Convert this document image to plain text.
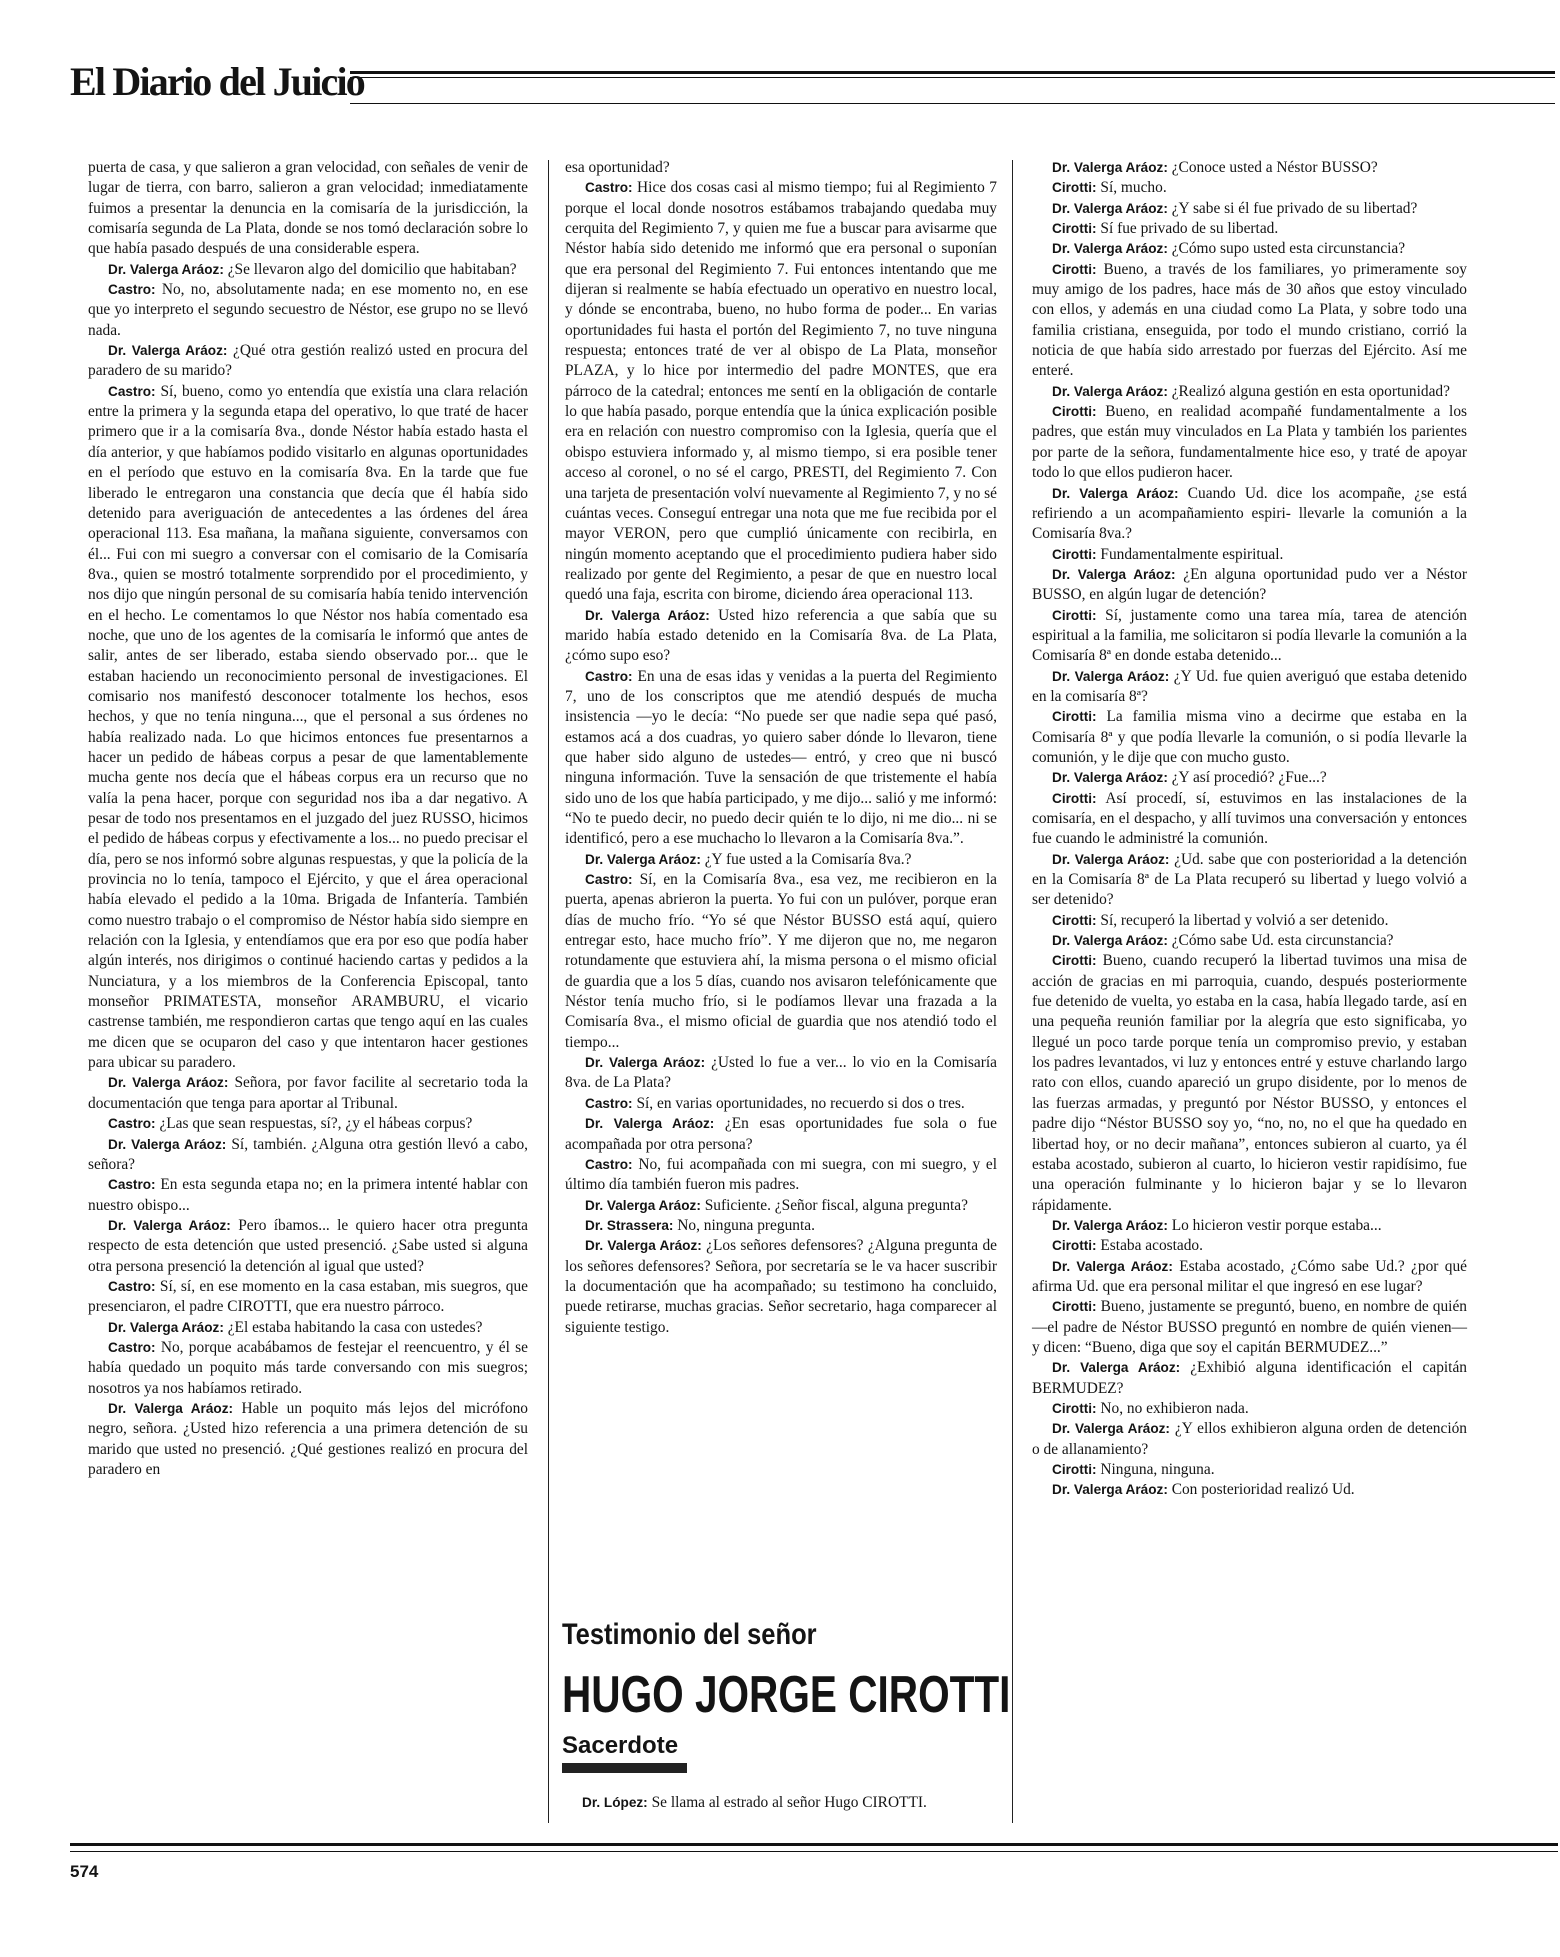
El Diario del Juicio

puerta de casa, y que salieron a gran velocidad, con señales de venir de lugar de tierra, con barro, salieron a gran velocidad; inmediatamente fuimos a presentar la denuncia en la comisaría de la jurisdicción, la comisaría segunda de La Plata, donde se nos tomó declaración sobre lo que había pasado después de una considerable espera.

Dr. Valerga Aráoz: ¿Se llevaron algo del domicilio que habitaban?

Castro: No, no, absolutamente nada; en ese momento no, en ese que yo interpreto el segundo secuestro de Néstor, ese grupo no se llevó nada.

Dr. Valerga Aráoz: ¿Qué otra gestión realizó usted en procura del paradero de su marido?

Castro: Sí, bueno, como yo entendía que existía una clara relación entre la primera y la segunda etapa del operativo, lo que traté de hacer primero que ir a la comisaría 8va., donde Néstor había estado hasta el día anterior, y que habíamos podido visitarlo en algunas oportunidades en el período que estuvo en la comisaría 8va. En la tarde que fue liberado le entregaron una constancia que decía que él había sido detenido para averiguación de antecedentes a las órdenes del área operacional 113. Esa mañana, la mañana siguiente, conversamos con él... Fui con mi suegro a conversar con el comisario de la Comisaría 8va., quien se mostró totalmente sorprendido por el procedimiento, y nos dijo que ningún personal de su comisaría había tenido intervención en el hecho. Le comentamos lo que Néstor nos había comentado esa noche, que uno de los agentes de la comisaría le informó que antes de salir, antes de ser liberado, estaba siendo observado por... que le estaban haciendo un reconocimiento personal de investigaciones. El comisario nos manifestó desconocer totalmente los hechos, esos hechos, y que no tenía ninguna..., que el personal a sus órdenes no había realizado nada. Lo que hicimos entonces fue presentarnos a hacer un pedido de hábeas corpus a pesar de que lamentablemente mucha gente nos decía que el hábeas corpus era un recurso que no valía la pena hacer, porque con seguridad nos iba a dar negativo. A pesar de todo nos presentamos en el juzgado del juez RUSSO, hicimos el pedido de hábeas corpus y efectivamente a los... no puedo precisar el día, pero se nos informó sobre algunas respuestas, y que la policía de la provincia no lo tenía, tampoco el Ejército, y que el área operacional había elevado el pedido a la 10ma. Brigada de Infantería. También como nuestro trabajo o el compromiso de Néstor había sido siempre en relación con la Iglesia, y entendíamos que era por eso que podía haber algún interés, nos dirigimos o continué haciendo cartas y pedidos a la Nunciatura, y a los miembros de la Conferencia Episcopal, tanto monseñor PRIMATESTA, monseñor ARAMBURU, el vicario castrense también, me respondieron cartas que tengo aquí en las cuales me dicen que se ocuparon del caso y que intentaron hacer gestiones para ubicar su paradero.

Dr. Valerga Aráoz: Señora, por favor facilite al secretario toda la documentación que tenga para aportar al Tribunal.

Castro: ¿Las que sean respuestas, sí?, ¿y el hábeas corpus?

Dr. Valerga Aráoz: Sí, también. ¿Alguna otra gestión llevó a cabo, señora?

Castro: En esta segunda etapa no; en la primera intenté hablar con nuestro obispo...

Dr. Valerga Aráoz: Pero íbamos... le quiero hacer otra pregunta respecto de esta detención que usted presenció. ¿Sabe usted si alguna otra persona presenció la detención al igual que usted?

Castro: Sí, sí, en ese momento en la casa estaban, mis suegros, que presenciaron, el padre CIROTTI, que era nuestro párroco.

Dr. Valerga Aráoz: ¿El estaba habitando la casa con ustedes?

Castro: No, porque acabábamos de festejar el reencuentro, y él se había quedado un poquito más tarde conversando con mis suegros; nosotros ya nos habíamos retirado.

Dr. Valerga Aráoz: Hable un poquito más lejos del micrófono negro, señora. ¿Usted hizo referencia a una primera detención de su marido que usted no presenció. ¿Qué gestiones realizó en procura del paradero en

esa oportunidad?

Castro: Hice dos cosas casi al mismo tiempo; fui al Regimiento 7 porque el local donde nosotros estábamos trabajando quedaba muy cerquita del Regimiento 7, y quien me fue a buscar para avisarme que Néstor había sido detenido me informó que era personal o suponían que era personal del Regimiento 7. Fui entonces intentando que me dijeran si realmente se había efectuado un operativo en nuestro local, y dónde se encontraba, bueno, no hubo forma de poder... En varias oportunidades fui hasta el portón del Regimiento 7, no tuve ninguna respuesta; entonces traté de ver al obispo de La Plata, monseñor PLAZA, y lo hice por intermedio del padre MONTES, que era párroco de la catedral; entonces me sentí en la obligación de contarle lo que había pasado, porque entendía que la única explicación posible era en relación con nuestro compromiso con la Iglesia, quería que el obispo estuviera informado y, al mismo tiempo, si era posible tener acceso al coronel, o no sé el cargo, PRESTI, del Regimiento 7. Con una tarjeta de presentación volví nuevamente al Regimiento 7, y no sé cuántas veces. Conseguí entregar una nota que me fue recibida por el mayor VERON, pero que cumplió únicamente con recibirla, en ningún momento aceptando que el procedimiento pudiera haber sido realizado por gente del Regimiento, a pesar de que en nuestro local quedó una faja, escrita con birome, diciendo área operacional 113.

Dr. Valerga Aráoz: Usted hizo referencia a que sabía que su marido había estado detenido en la Comisaría 8va. de La Plata, ¿cómo supo eso?

Castro: En una de esas idas y venidas a la puerta del Regimiento 7, uno de los conscriptos que me atendió después de mucha insistencia —yo le decía: “No puede ser que nadie sepa qué pasó, estamos acá a dos cuadras, yo quiero saber dónde lo llevaron, tiene que haber sido alguno de ustedes— entró, y creo que ni buscó ninguna información. Tuve la sensación de que tristemente el había sido uno de los que había participado, y me dijo... salió y me informó: “No te puedo decir, no puedo decir quién te lo dijo, ni me dio... ni se identificó, pero a ese muchacho lo llevaron a la Comisaría 8va.”.

Dr. Valerga Aráoz: ¿Y fue usted a la Comisaría 8va.?

Castro: Sí, en la Comisaría 8va., esa vez, me recibieron en la puerta, apenas abrieron la puerta. Yo fui con un pulóver, porque eran días de mucho frío. “Yo sé que Néstor BUSSO está aquí, quiero entregar esto, hace mucho frío”. Y me dijeron que no, me negaron rotundamente que estuviera ahí, la misma persona o el mismo oficial de guardia que a los 5 días, cuando nos avisaron telefónicamente que Néstor tenía mucho frío, si le podíamos llevar una frazada a la Comisaría 8va., el mismo oficial de guardia que nos atendió todo el tiempo...

Dr. Valerga Aráoz: ¿Usted lo fue a ver... lo vio en la Comisaría 8va. de La Plata?

Castro: Sí, en varias oportunidades, no recuerdo si dos o tres.

Dr. Valerga Aráoz: ¿En esas oportunidades fue sola o fue acompañada por otra persona?

Castro: No, fui acompañada con mi suegra, con mi suegro, y el último día también fueron mis padres.

Dr. Valerga Aráoz: Suficiente. ¿Señor fiscal, alguna pregunta?

Dr. Strassera: No, ninguna pregunta.

Dr. Valerga Aráoz: ¿Los señores defensores? ¿Alguna pregunta de los señores defensores? Señora, por secretaría se le va hacer suscribir la documentación que ha acompañado; su testimono ha concluido, puede retirarse, muchas gracias. Señor secretario, haga comparecer al siguiente testigo.

Dr. Valerga Aráoz: ¿Conoce usted a Néstor BUSSO?

Cirotti: Sí, mucho.

Dr. Valerga Aráoz: ¿Y sabe si él fue privado de su libertad?

Cirotti: Sí fue privado de su libertad.

Dr. Valerga Aráoz: ¿Cómo supo usted esta circunstancia?

Cirotti: Bueno, a través de los familiares, yo primeramente soy muy amigo de los padres, hace más de 30 años que estoy vinculado con ellos, y además en una ciudad como La Plata, y sobre todo una familia cristiana, enseguida, por todo el mundo cristiano, corrió la noticia de que había sido arrestado por fuerzas del Ejército. Así me enteré.

Dr. Valerga Aráoz: ¿Realizó alguna gestión en esta oportunidad?

Cirotti: Bueno, en realidad acompañé fundamentalmente a los padres, que están muy vinculados en La Plata y también los parientes por parte de la señora, fundamentalmente hice eso, y traté de apoyar todo lo que ellos pudieron hacer.

Dr. Valerga Aráoz: Cuando Ud. dice los acompañe, ¿se está refiriendo a un acompañamiento espiri- llevarle la comunión a la Comisaría 8va.?

Cirotti: Fundamentalmente espiritual.

Dr. Valerga Aráoz: ¿En alguna oportunidad pudo ver a Néstor BUSSO, en algún lugar de detención?

Cirotti: Sí, justamente como una tarea mía, tarea de atención espiritual a la familia, me solicitaron si podía llevarle la comunión a la Comisaría 8ª en donde estaba detenido...

Dr. Valerga Aráoz: ¿Y Ud. fue quien averiguó que estaba detenido en la comisaría 8ª?

Cirotti: La familia misma vino a decirme que estaba en la Comisaría 8ª y que podía llevarle la comunión, o si podía llevarle la comunión, y le dije que con mucho gusto.

Dr. Valerga Aráoz: ¿Y así procedió? ¿Fue...?

Cirotti: Así procedí, sí, estuvimos en las instalaciones de la comisaría, en el despacho, y allí tuvimos una conversación y entonces fue cuando le administré la comunión.

Dr. Valerga Aráoz: ¿Ud. sabe que con posterioridad a la detención en la Comisaría 8ª de La Plata recuperó su libertad y luego volvió a ser detenido?

Cirotti: Sí, recuperó la libertad y volvió a ser detenido.

Dr. Valerga Aráoz: ¿Cómo sabe Ud. esta circunstancia?

Cirotti: Bueno, cuando recuperó la libertad tuvimos una misa de acción de gracias en mi parroquia, cuando, después posteriormente fue detenido de vuelta, yo estaba en la casa, había llegado tarde, así en una pequeña reunión familiar por la alegría que esto significaba, yo llegué un poco tarde porque tenía un compromiso previo, y estaban los padres levantados, vi luz y entonces entré y estuve charlando largo rato con ellos, cuando apareció un grupo disidente, por lo menos de las fuerzas armadas, y preguntó por Néstor BUSSO, y entonces el padre dijo “Néstor BUSSO soy yo, “no, no, no el que ha quedado en libertad hoy, or no decir mañana”, entonces subieron al cuarto, ya él estaba acostado, subieron al cuarto, lo hicieron vestir rapidísimo, fue una operación fulminante y lo hicieron bajar y se lo llevaron rápidamente.

Dr. Valerga Aráoz: Lo hicieron vestir porque estaba...

Cirotti: Estaba acostado.

Dr. Valerga Aráoz: Estaba acostado, ¿Cómo sabe Ud.? ¿por qué afirma Ud. que era personal militar el que ingresó en ese lugar?

Cirotti: Bueno, justamente se preguntó, bueno, en nombre de quién —el padre de Néstor BUSSO preguntó en nombre de quién vienen— y dicen: “Bueno, diga que soy el capitán BERMUDEZ...”

Dr. Valerga Aráoz: ¿Exhibió alguna identificación el capitán BERMUDEZ?

Cirotti: No, no exhibieron nada.

Dr. Valerga Aráoz: ¿Y ellos exhibieron alguna orden de detención o de allanamiento?

Cirotti: Ninguna, ninguna.

Dr. Valerga Aráoz: Con posterioridad realizó Ud.

Testimonio del señor
HUGO JORGE CIROTTI
Sacerdote

Dr. López: Se llama al estrado al señor Hugo CIROTTI.

574
